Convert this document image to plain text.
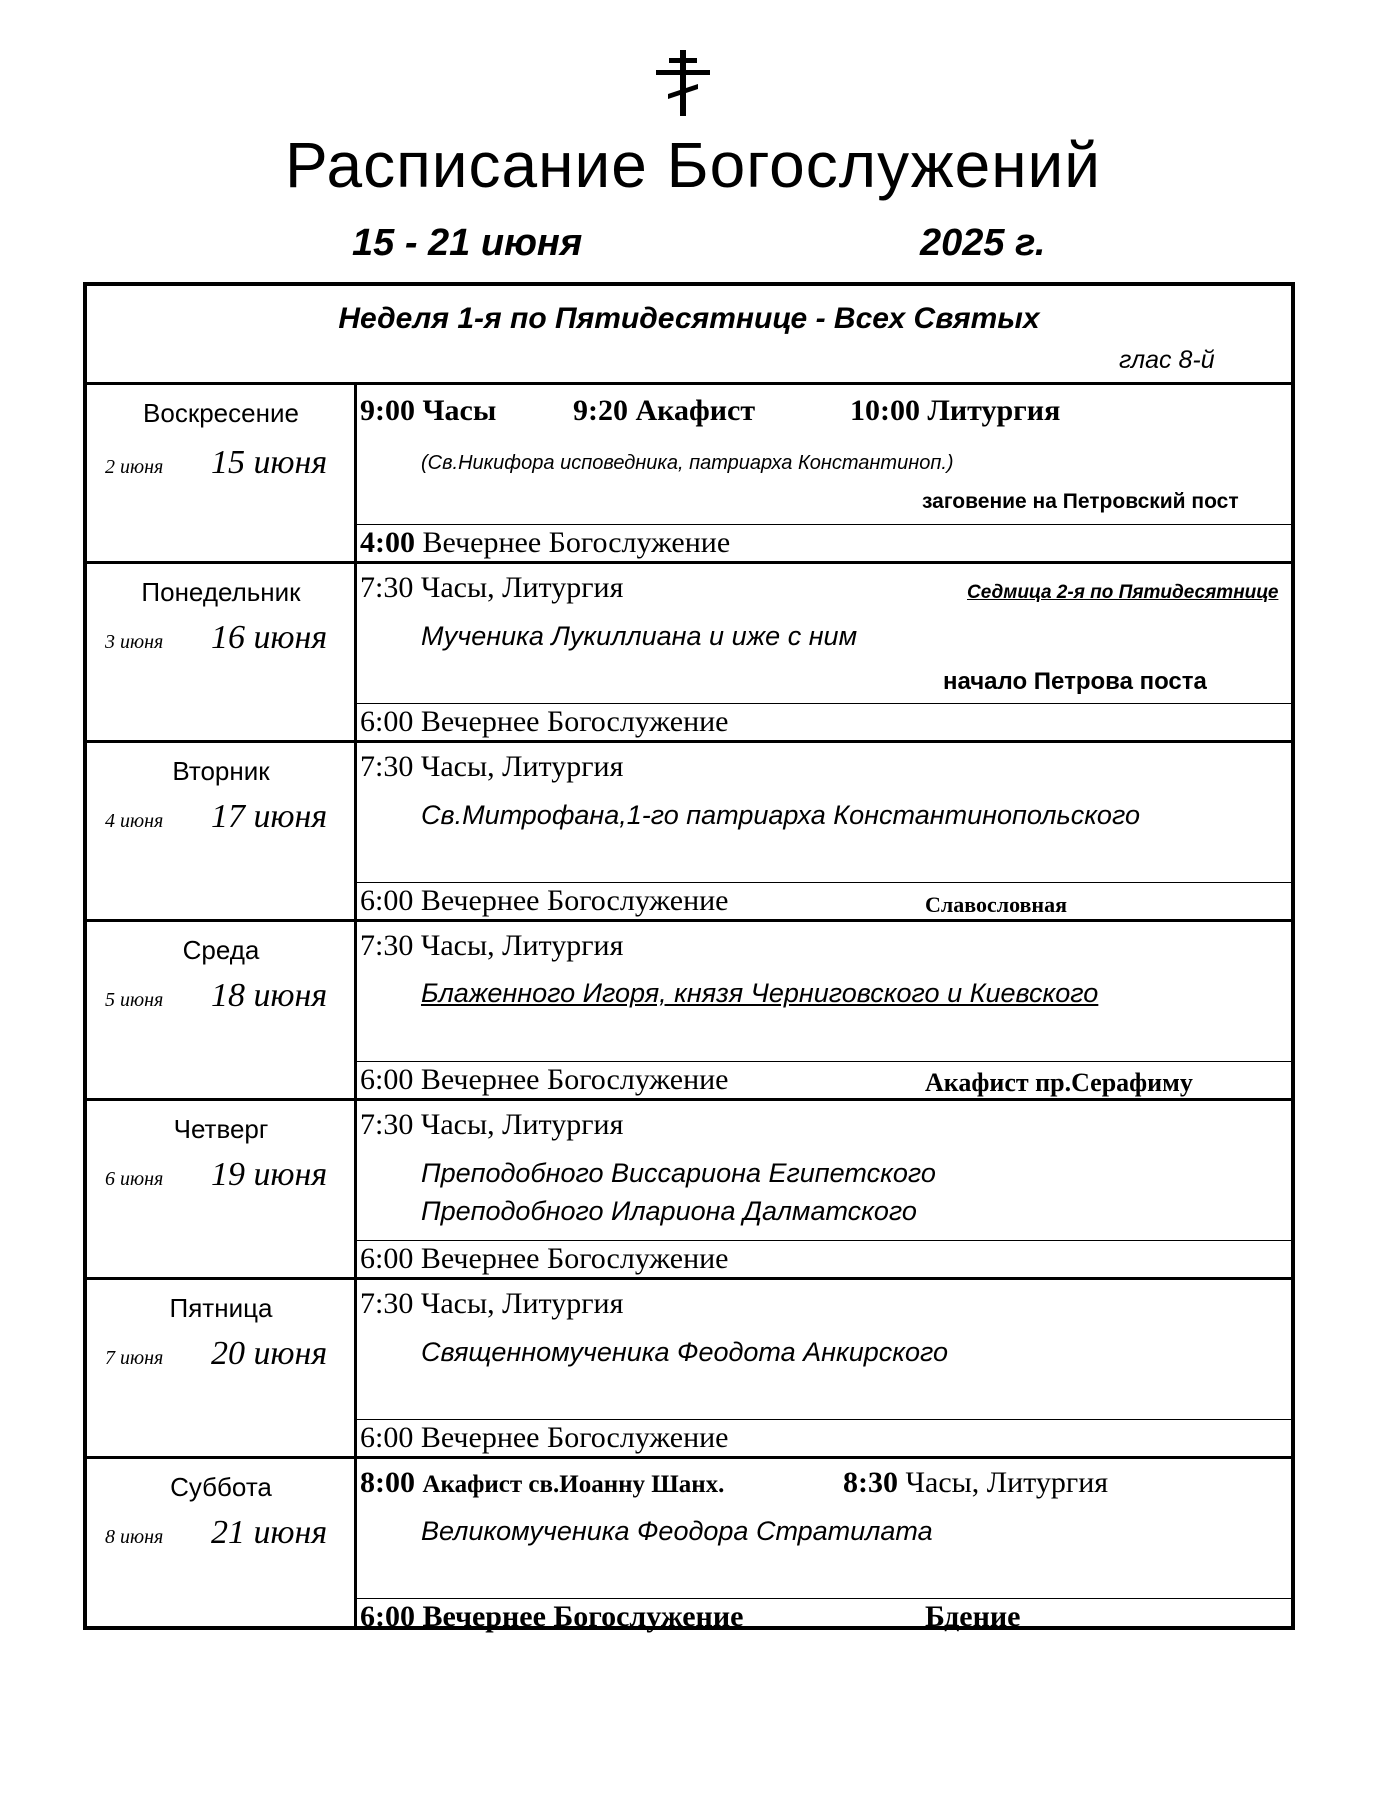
Расписание Богослужений
15 - 21 июня	2025 г.
Неделя 1-я по Пятидесятнице - Всех Святых
глас 8-й
Воскресение
2 июня 15 июня
9:00 Часы	9:20 Акафист	10:00 Литургия
(Св.Никифора исповедника, патриарха Константиноп.)
заговение на Петровский пост
4:00 Вечернее Богослужение
Понедельник
3 июня 16 июня
7:30 Часы, Литургия	Седмица 2-я по Пятидесятнице
Мученика Лукиллиана и иже с ним
начало Петрова поста
6:00 Вечернее Богослужение
Вторник
4 июня 17 июня
7:30 Часы, Литургия
Св.Митрофана,1-го патриарха Константинопольского
6:00 Вечернее Богослужение	Славословная
Среда
5 июня 18 июня
7:30 Часы, Литургия
Блаженного Игоря, князя Черниговского и Киевского
6:00 Вечернее Богослужение	Акафист пр.Серафиму
Четверг
6 июня 19 июня
7:30 Часы, Литургия
Преподобного Виссариона Египетского
Преподобного Илариона Далматского
6:00 Вечернее Богослужение
Пятница
7 июня 20 июня
7:30 Часы, Литургия
Священномученика Феодота Анкирского
6:00 Вечернее Богослужение
Суббота
8 июня 21 июня
8:00 Акафист св.Иоанну Шанх.	8:30 Часы, Литургия
Великомученика Феодора Стратилата
6:00 Вечернее Богослужение	Бдение
